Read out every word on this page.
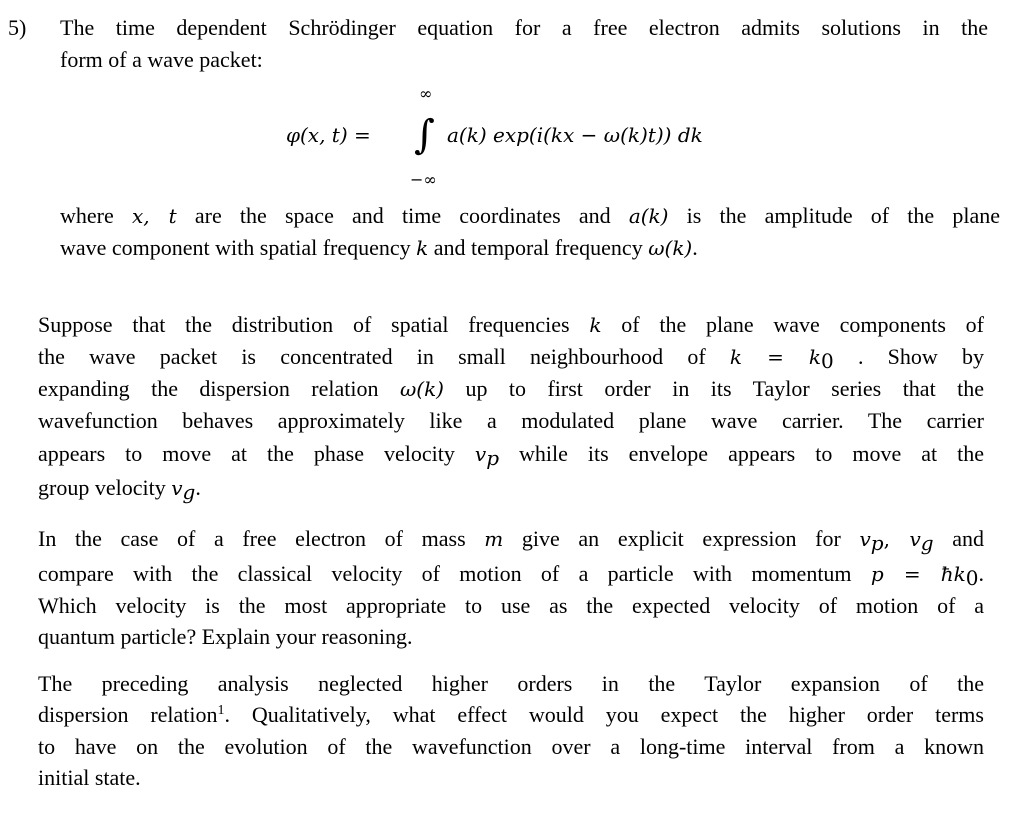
5) The time dependent Schrödinger equation for a free electron admits solutions in the
form of a wave packet:
φ(x, t) =
∞
∫
−∞
a(k) exp(i(kx − ω(k)t)) dk
where x, t are the space and time coordinates and a(k) is the amplitude of the plane
wave component with spatial frequency k and temporal frequency ω(k).
Suppose that the distribution of spatial frequencies k of the plane wave components of
the wave packet is concentrated in small neighbourhood of $k = k_0$ . Show by
expanding the dispersion relation ω(k) up to first order in its Taylor series that the
wavefunction behaves approximately like a modulated plane wave carrier. The carrier
appears to move at the phase velocity $v_p$ while its envelope appears to move at the
group velocity $v_g$.
In the case of a free electron of mass m give an explicit expression for $v_p$, $v_g$ and
compare with the classical velocity of motion of a particle with momentum $p = ħk_0$.
Which velocity is the most appropriate to use as the expected velocity of motion of a
quantum particle? Explain your reasoning.
The preceding analysis neglected higher orders in the Taylor expansion of the
dispersion relation$^1$. Qualitatively, what effect would you expect the higher order terms
to have on the evolution of the wavefunction over a long-time interval from a known
initial state.
